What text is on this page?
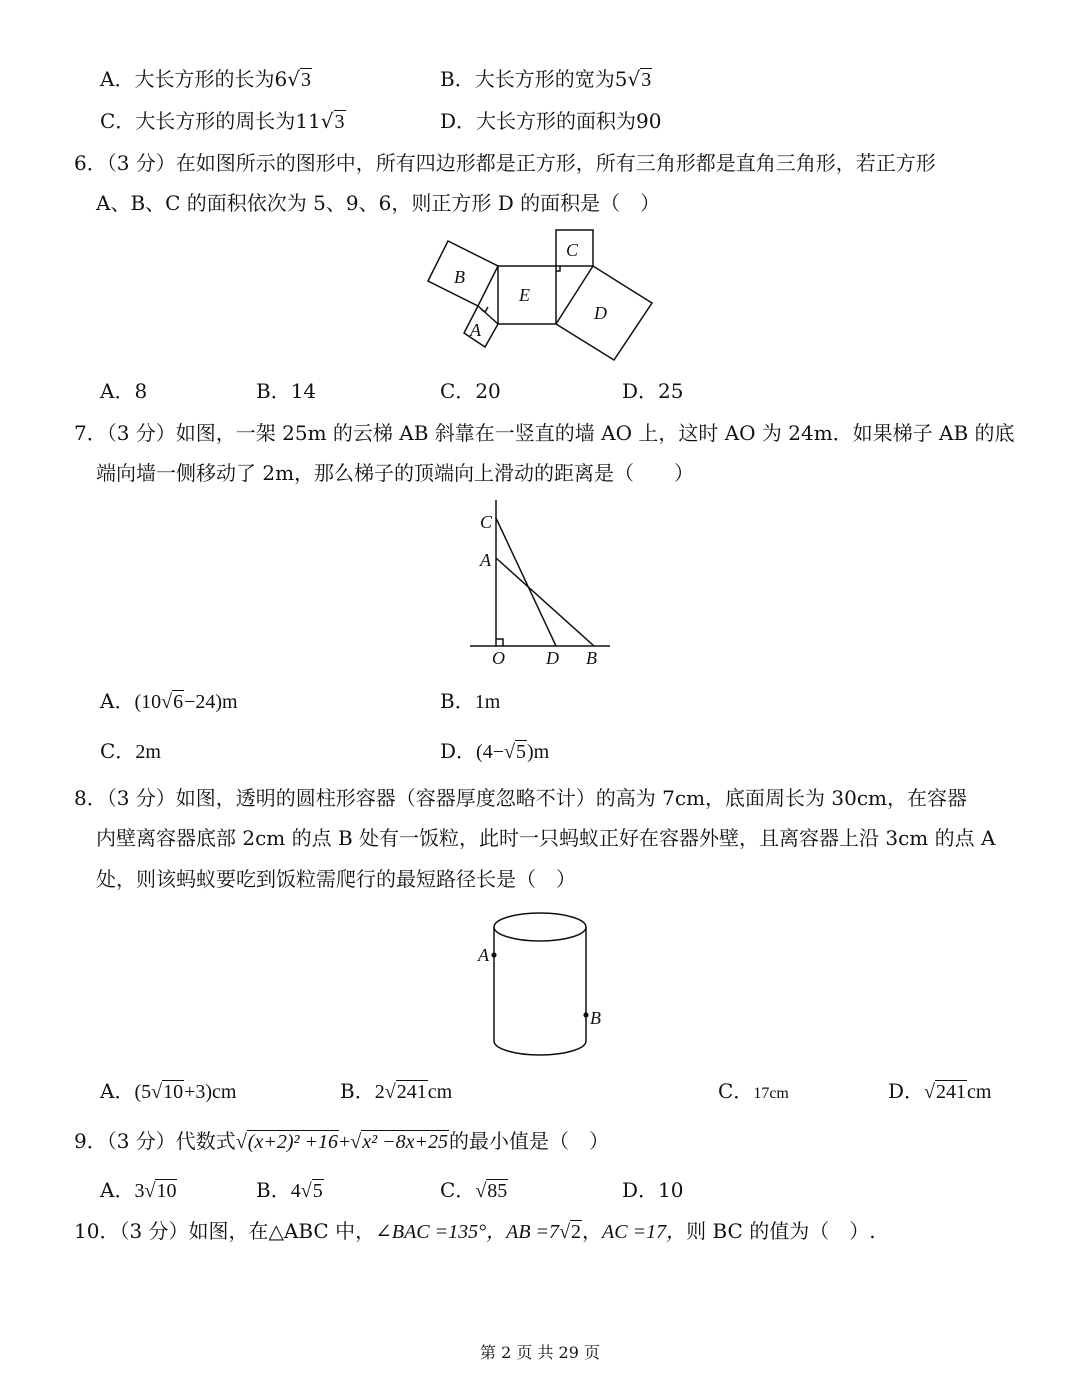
A．大长方形的长为6√3	B．大长方形的宽为5√3
C．大长方形的周长为11√3	D．大长方形的面积为90
6．（3 分）在如图所示的图形中，所有四边形都是正方形，所有三角形都是直角三角形，若正方形
A、B、C 的面积依次为 5、9、6，则正方形 D 的面积是（　）
B
E
C
D
A
A．8	B．14	C．20	D．25
7．（3 分）如图，一架 25m 的云梯 AB 斜靠在一竖直的墙 AO 上，这时 AO 为 24m．如果梯子 AB 的底
端向墙一侧移动了 2m，那么梯子的顶端向上滑动的距离是（　　）
C
A
O D B
A．(10√6−24)m	B．1m
C．2m	D．(4−√5)m
8．（3 分）如图，透明的圆柱形容器（容器厚度忽略不计）的高为 7cm，底面周长为 30cm，在容器
内壁离容器底部 2cm 的点 B 处有一饭粒，此时一只蚂蚁正好在容器外壁，且离容器上沿 3cm 的点 A
处，则该蚂蚁要吃到饭粒需爬行的最短路径长是（　）
A
B
A．(5√10+3)cm	B．2√241cm	C．17cm	D．√241cm
9．（3 分）代数式√(x+2)² +16+√x² −8x+25的最小值是（　）
A．3√10	B．4√5	C．√85	D．10
10．（3 分）如图，在△ABC 中，∠BAC =135°，AB =7√2，AC =17，则 BC 的值为（　）.
第 2 页 共 29 页
